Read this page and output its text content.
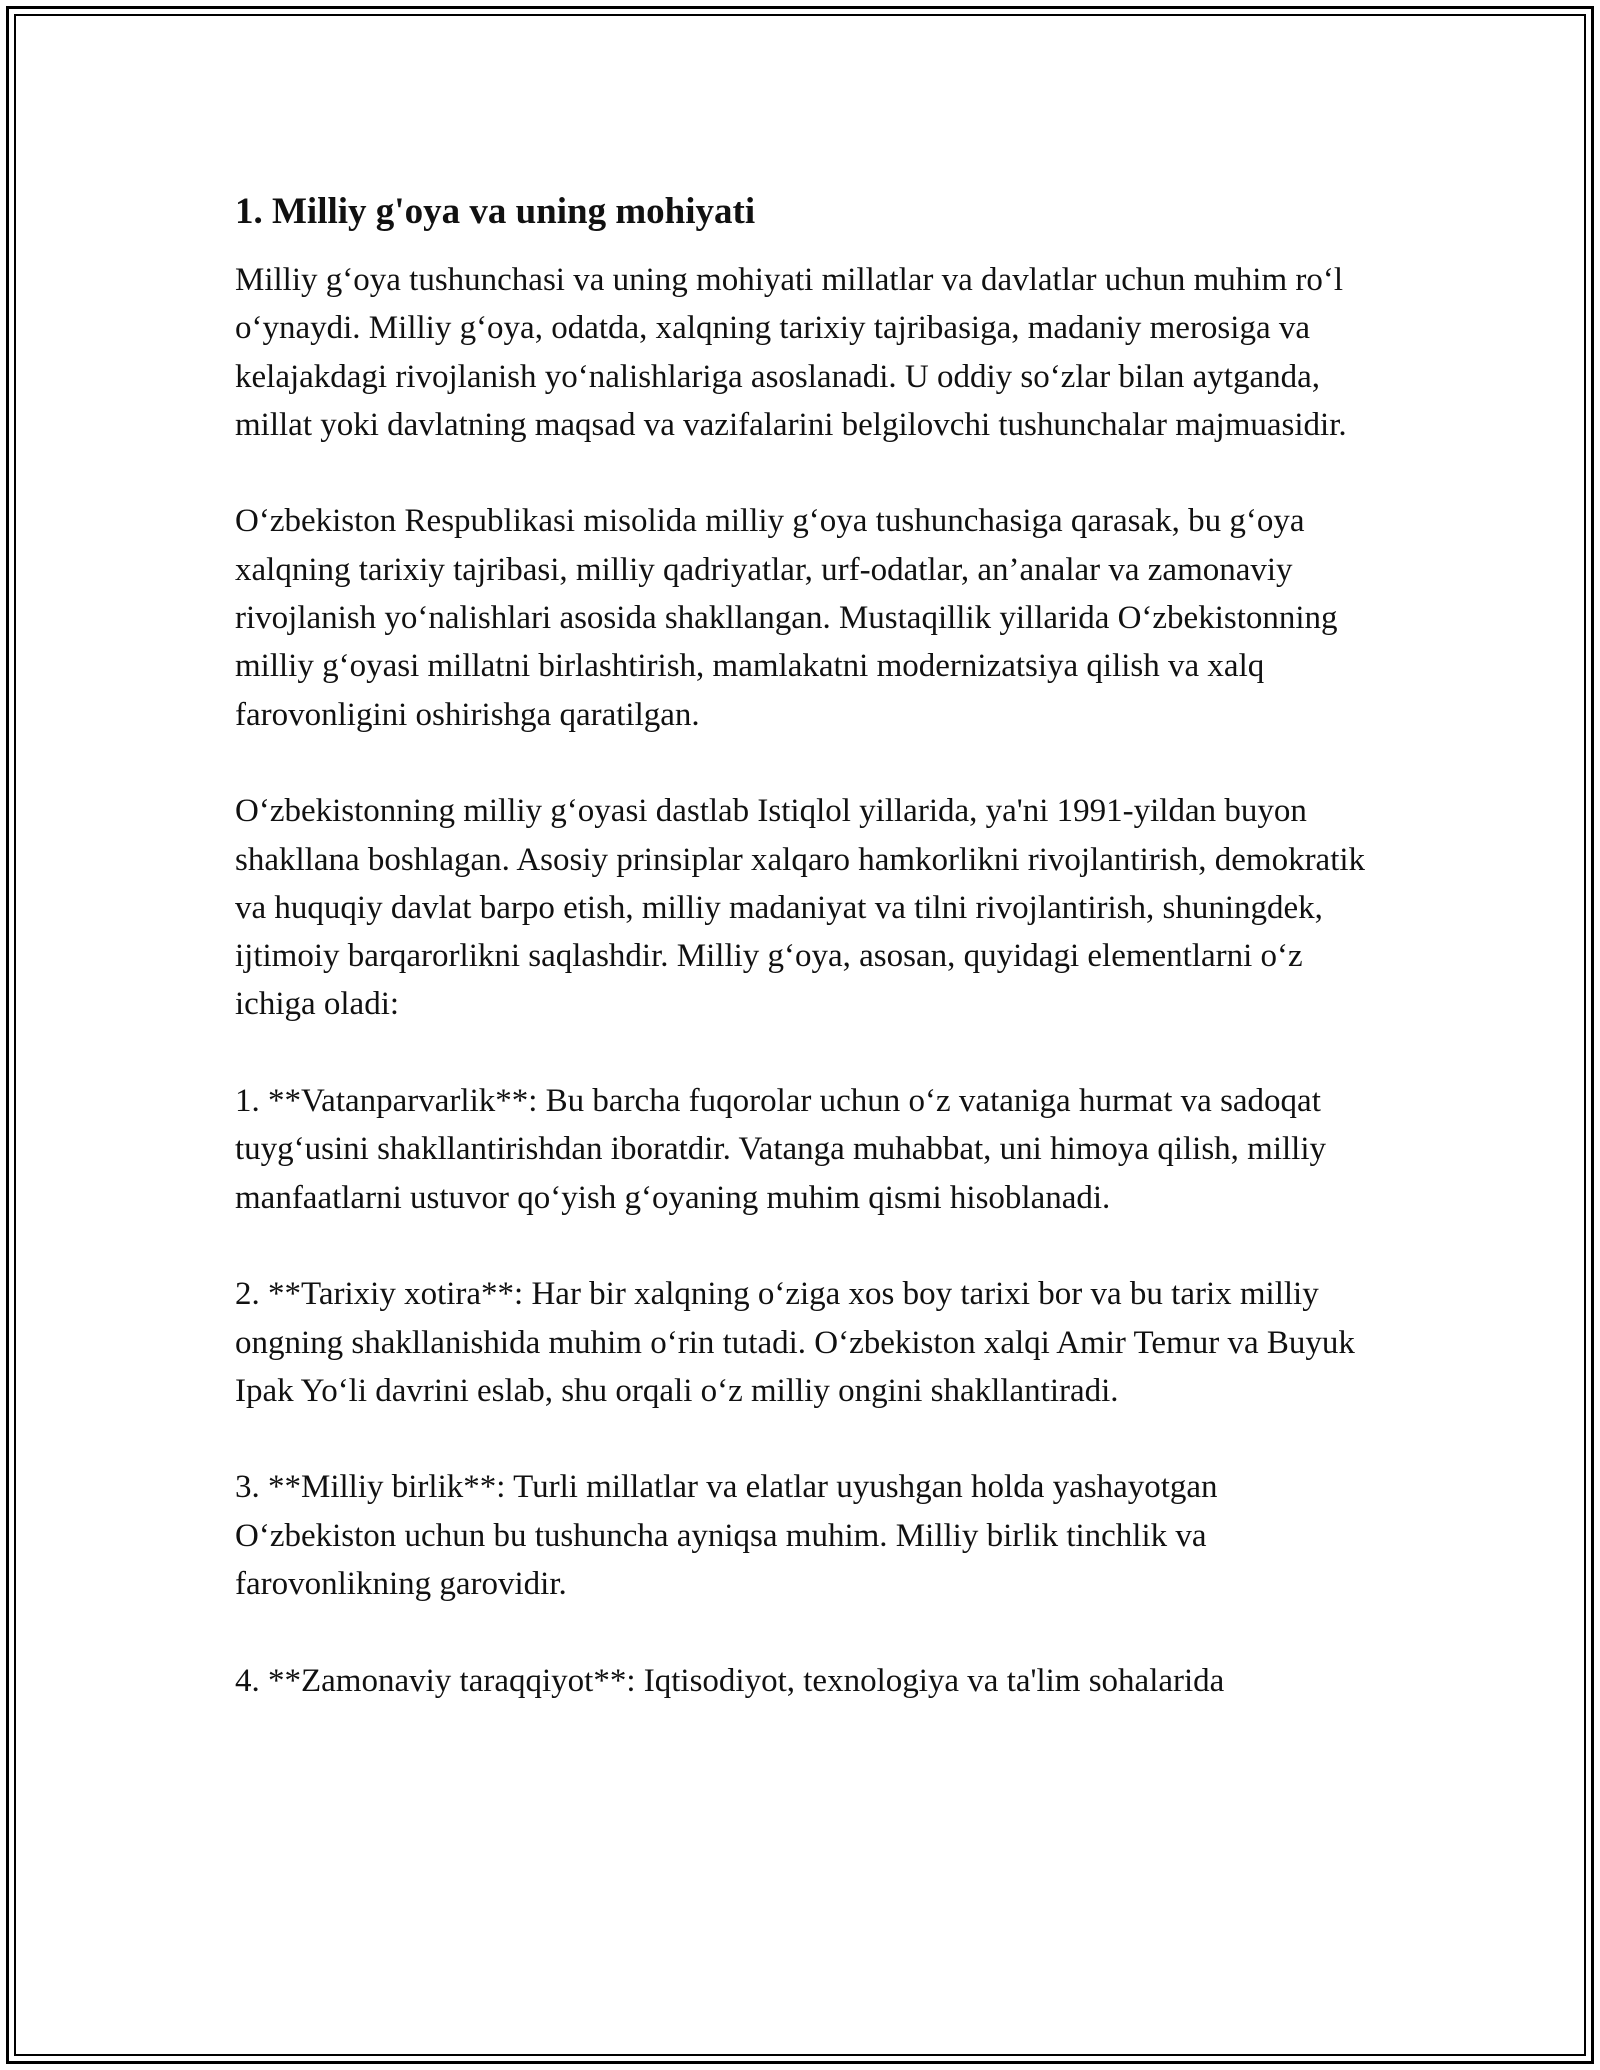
1. Milliy g'oya va uning mohiyati

Milliy g‘oya tushunchasi va uning mohiyati millatlar va davlatlar uchun muhim ro‘l o‘ynaydi. Milliy g‘oya, odatda, xalqning tarixiy tajribasiga, madaniy merosiga va kelajakdagi rivojlanish yo‘nalishlariga asoslanadi. U oddiy so‘zlar bilan aytganda, millat yoki davlatning maqsad va vazifalarini belgilovchi tushunchalar majmuasidir.

O‘zbekiston Respublikasi misolida milliy g‘oya tushunchasiga qarasak, bu g‘oya xalqning tarixiy tajribasi, milliy qadriyatlar, urf-odatlar, an’analar va zamonaviy rivojlanish yo‘nalishlari asosida shakllangan. Mustaqillik yillarida O‘zbekistonning milliy g‘oyasi millatni birlashtirish, mamlakatni modernizatsiya qilish va xalq farovonligini oshirishga qaratilgan.

O‘zbekistonning milliy g‘oyasi dastlab Istiqlol yillarida, ya'ni 1991-yildan buyon shakllana boshlagan. Asosiy prinsiplar xalqaro hamkorlikni rivojlantirish, demokratik va huquqiy davlat barpo etish, milliy madaniyat va tilni rivojlantirish, shuningdek, ijtimoiy barqarorlikni saqlashdir. Milliy g‘oya, asosan, quyidagi elementlarni o‘z ichiga oladi:

1. **Vatanparvarlik**: Bu barcha fuqorolar uchun o‘z vataniga hurmat va sadoqat tuyg‘usini shakllantirishdan iboratdir. Vatanga muhabbat, uni himoya qilish, milliy manfaatlarni ustuvor qo‘yish g‘oyaning muhim qismi hisoblanadi.

2. **Tarixiy xotira**: Har bir xalqning o‘ziga xos boy tarixi bor va bu tarix milliy ongning shakllanishida muhim o‘rin tutadi. O‘zbekiston xalqi Amir Temur va Buyuk Ipak Yo‘li davrini eslab, shu orqali o‘z milliy ongini shakllantiradi.

3. **Milliy birlik**: Turli millatlar va elatlar uyushgan holda yashayotgan O‘zbekiston uchun bu tushuncha ayniqsa muhim. Milliy birlik tinchlik va farovonlikning garovidir.

4. **Zamonaviy taraqqiyot**: Iqtisodiyot, texnologiya va ta'lim sohalarida
